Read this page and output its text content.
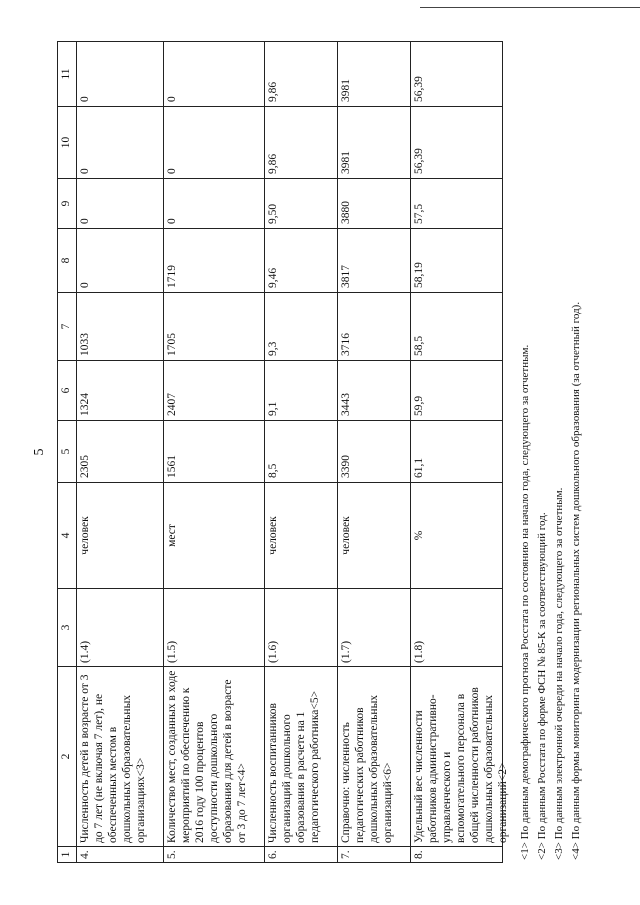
5
1
2
3
4
5
6
7
8
9
10
11
4.
Численность детей в возрасте от 3 до 7 лет (не включая 7 лет), не обеспеченных местом в дошкольных образовательных организациях<3>
(1.4)
человек
2305
1324
1033
0
0
0
0
5.
Количество мест, созданных в ходе мероприятий по обеспечению к 2016 году 100 процентов доступности дошкольного образования для детей в возрасте от 3 до 7 лет<4>
(1.5)
мест
1561
2407
1705
1719
0
0
0
6.
Численность воспитанников организаций дошкольного образования в расчете на 1 педагогического работника<5>
(1.6)
человек
8,5
9,1
9,3
9,46
9,50
9,86
9,86
7.
Справочно: численность педагогических работников дошкольных образовательных организаций<6>
(1.7)
человек
3390
3443
3716
3817
3880
3981
3981
8.
Удельный вес численности работников административно-управленческого и вспомогательного персонала в общей численности работников дошкольных образовательных организаций<2>
(1.8)
%
61,1
59,9
58,5
58,19
57,5
56,39
56,39
<1> По данным демографического прогноза Росстата по состоянию на начало года, следующего за отчетным. <2> По данным Росстата по форме ФСН № 85-К за соответствующий год. <3> По данным электронной очереди на начало года, следующего за отчетным. <4> По данным формы мониторинга модернизации региональных систем дошкольного образования (за отчетный год).
